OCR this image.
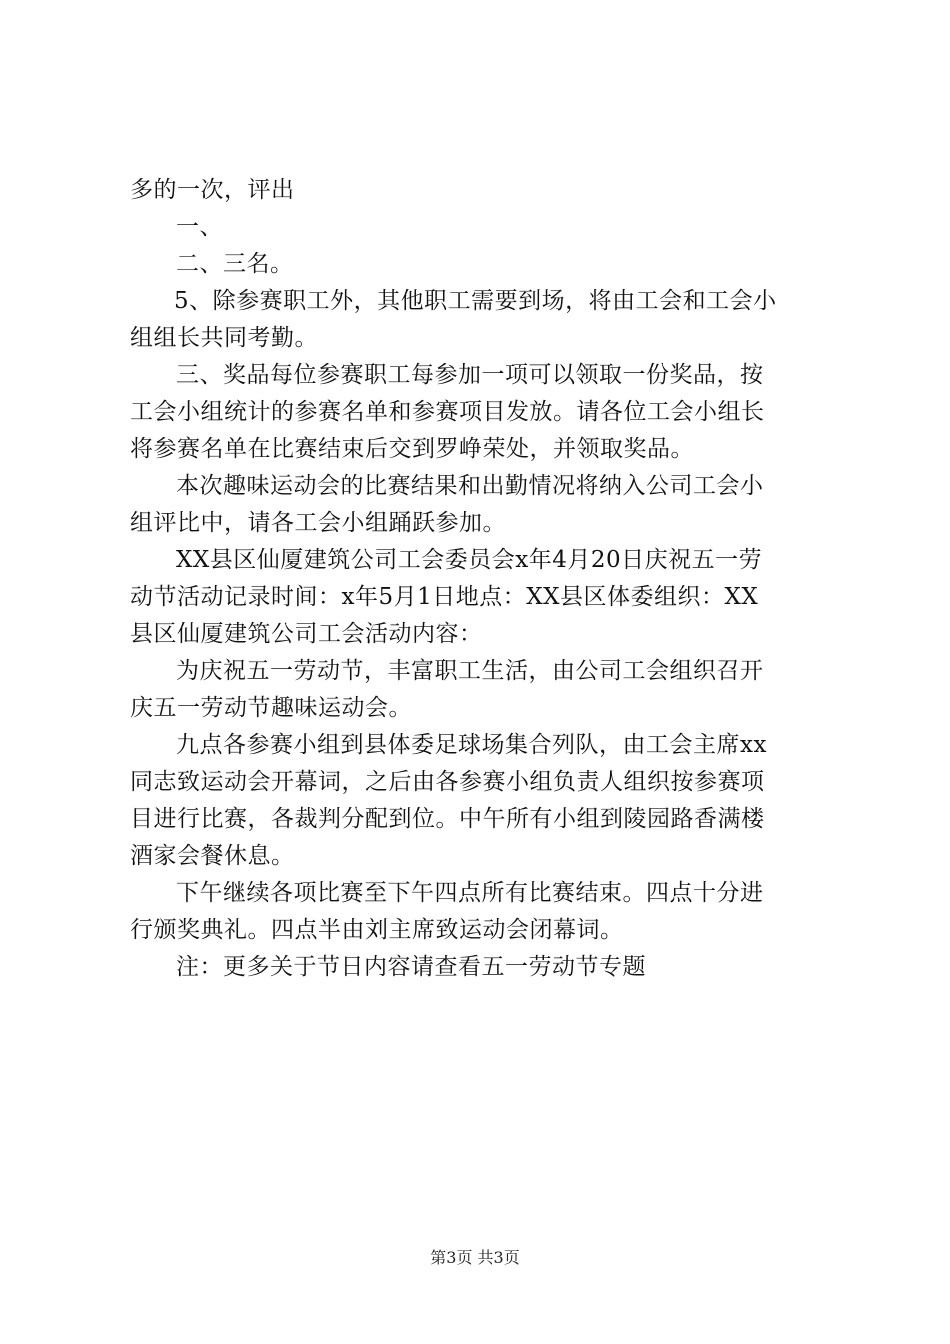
多的一次，评出
一、
二、三名。
5、除参赛职工外，其他职工需要到场，将由工会和工会小
组组长共同考勤。
三、奖品每位参赛职工每参加一项可以领取一份奖品，按
工会小组统计的参赛名单和参赛项目发放。请各位工会小组长
将参赛名单在比赛结束后交到罗峥荣处，并领取奖品。
本次趣味运动会的比赛结果和出勤情况将纳入公司工会小
组评比中，请各工会小组踊跃参加。
XX县区仙厦建筑公司工会委员会x年4月20日庆祝五一劳
动节活动记录时间：x年5月1日地点：XX县区体委组织：XX
县区仙厦建筑公司工会活动内容：
为庆祝五一劳动节，丰富职工生活，由公司工会组织召开
庆五一劳动节趣味运动会。
九点各参赛小组到县体委足球场集合列队，由工会主席xx
同志致运动会开幕词，之后由各参赛小组负责人组织按参赛项
目进行比赛，各裁判分配到位。中午所有小组到陵园路香满楼
酒家会餐休息。
下午继续各项比赛至下午四点所有比赛结束。四点十分进
行颁奖典礼。四点半由刘主席致运动会闭幕词。
注：更多关于节日内容请查看五一劳动节专题
第3页 共3页
